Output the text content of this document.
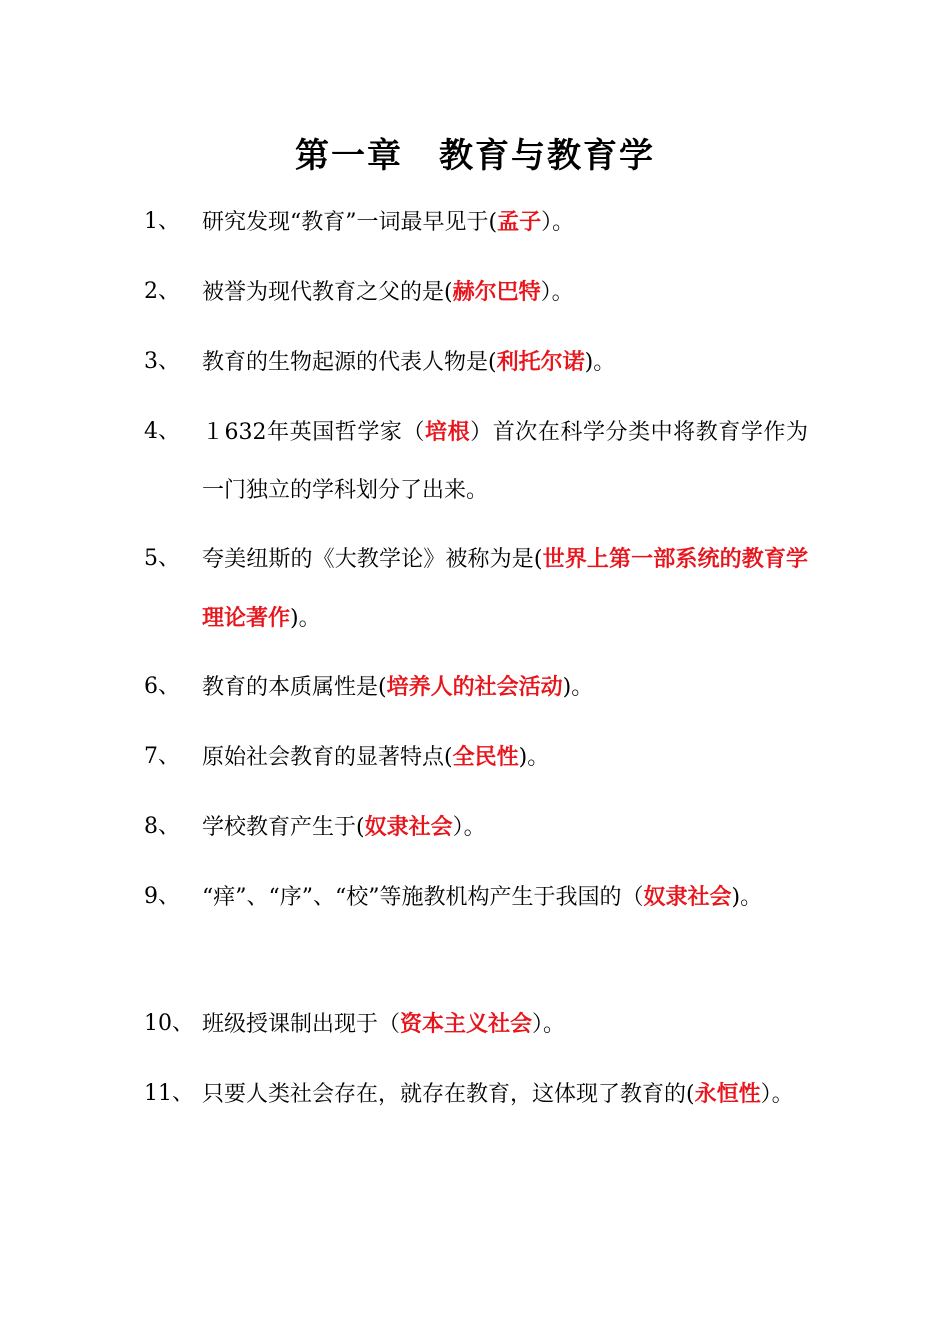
第一章　教育与教育学
1、	研究发现“教育”一词最早见于(孟子）。
2、	被誉为现代教育之父的是(赫尔巴特）。
3、	教育的生物起源的代表人物是(利托尔诺)。
4、	１632年英国哲学家（培根）首次在科学分类中将教育学作为一门独立的学科划分了出来。
5、	夸美纽斯的《大教学论》被称为是(世界上第一部系统的教育学理论著作)。
6、	教育的本质属性是(培养人的社会活动)。
7、	原始社会教育的显著特点(全民性)。
8、	学校教育产生于(奴隶社会）。
9、	“痒”、“序”、“校”等施教机构产生于我国的（奴隶社会)。
10、 班级授课制出现于（资本主义社会）。
11、 只要人类社会存在，就存在教育，这体现了教育的(永恒性）。
